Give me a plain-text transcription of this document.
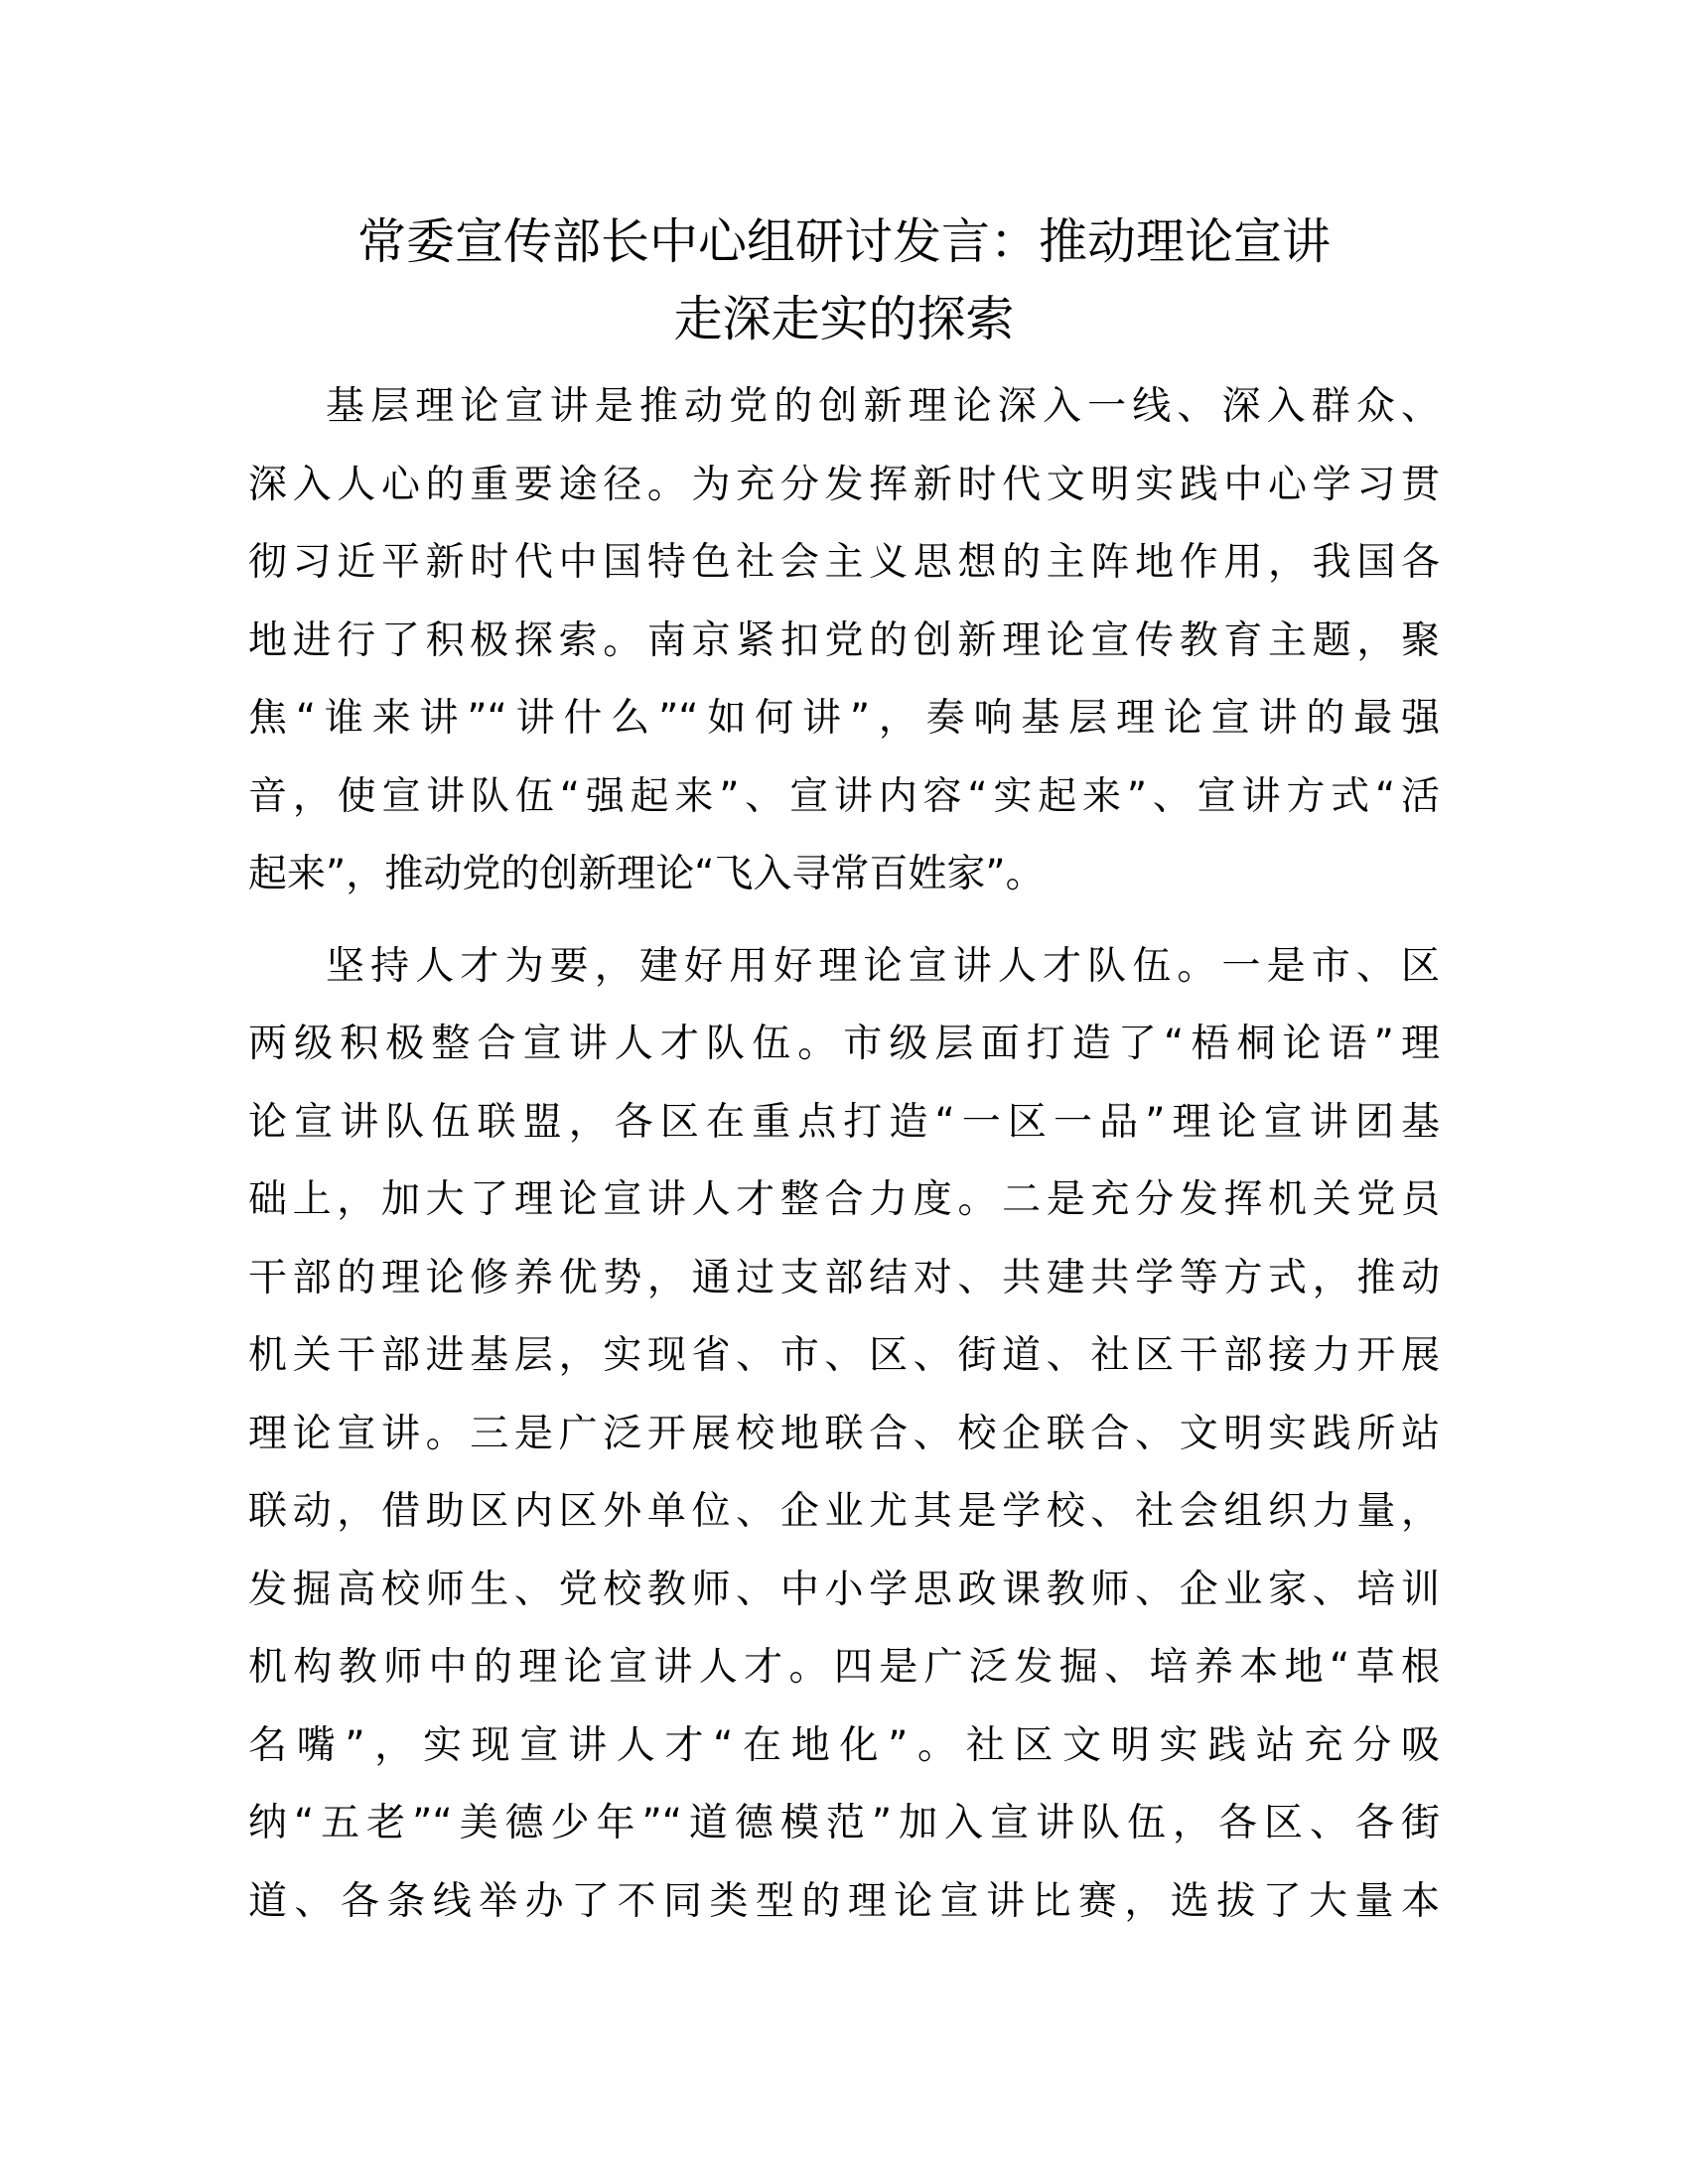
常委宣传部长中心组研讨发言：推动理论宣讲
走深走实的探索

基层理论宣讲是推动党的创新理论深入一线、深入群众、
深入人心的重要途径。为充分发挥新时代文明实践中心学习贯
彻习近平新时代中国特色社会主义思想的主阵地作用，我国各
地进行了积极探索。南京紧扣党的创新理论宣传教育主题，聚
焦“谁来讲”“讲什么”“如何讲”，奏响基层理论宣讲的最强
音，使宣讲队伍“强起来”、宣讲内容“实起来”、宣讲方式“活
起来”，推动党的创新理论“飞入寻常百姓家”。

坚持人才为要，建好用好理论宣讲人才队伍。一是市、区
两级积极整合宣讲人才队伍。市级层面打造了“梧桐论语”理
论宣讲队伍联盟，各区在重点打造“一区一品”理论宣讲团基
础上，加大了理论宣讲人才整合力度。二是充分发挥机关党员
干部的理论修养优势，通过支部结对、共建共学等方式，推动
机关干部进基层，实现省、市、区、街道、社区干部接力开展
理论宣讲。三是广泛开展校地联合、校企联合、文明实践所站
联动，借助区内区外单位、企业尤其是学校、社会组织力量，
发掘高校师生、党校教师、中小学思政课教师、企业家、培训
机构教师中的理论宣讲人才。四是广泛发掘、培养本地“草根
名嘴”，实现宣讲人才“在地化”。社区文明实践站充分吸
纳“五老”“美德少年”“道德模范”加入宣讲队伍，各区、各街
道、各条线举办了不同类型的理论宣讲比赛，选拔了大量本
